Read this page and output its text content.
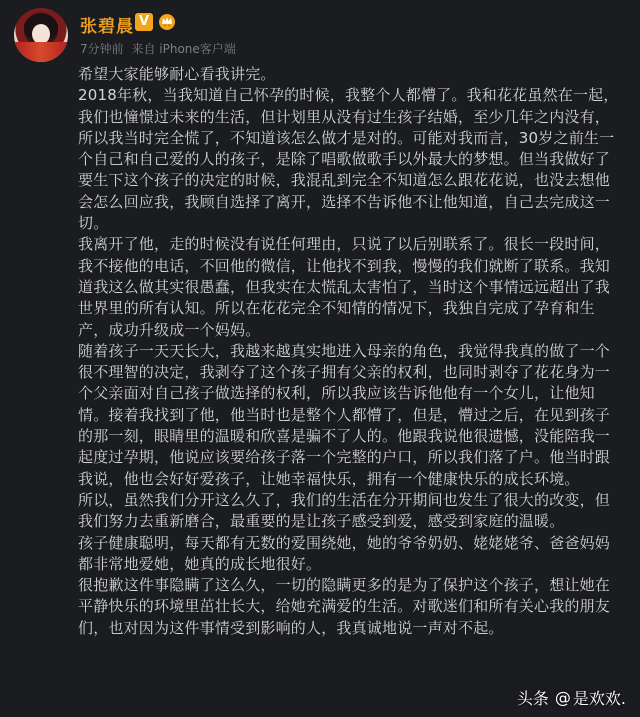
张碧晨 V
7分钟前 来自 iPhone客户端

希望大家能够耐心看我讲完。

2018年秋，当我知道自己怀孕的时候，我整个人都懵了。我和花花虽然在一起，我们也憧憬过未来的生活，但计划里从没有过生孩子结婚，至少几年之内没有，所以我当时完全慌了，不知道该怎么做才是对的。可能对我而言，30岁之前生一个自己和自己爱的人的孩子，是除了唱歌做歌手以外最大的梦想。但当我做好了要生下这个孩子的决定的时候，我混乱到完全不知道怎么跟花花说，也没去想他会怎么回应我，我顾自选择了离开，选择不告诉他不让他知道，自己去完成这一切。

我离开了他，走的时候没有说任何理由，只说了以后别联系了。很长一段时间，我不接他的电话，不回他的微信，让他找不到我，慢慢的我们就断了联系。我知道我这么做其实很愚蠢，但我实在太慌乱太害怕了，当时这个事情远远超出了我世界里的所有认知。所以在花花完全不知情的情况下，我独自完成了孕育和生产，成功升级成一个妈妈。

随着孩子一天天长大，我越来越真实地进入母亲的角色，我觉得我真的做了一个很不理智的决定，我剥夺了这个孩子拥有父亲的权利，也同时剥夺了花花身为一个父亲面对自己孩子做选择的权利，所以我应该告诉他他有一个女儿，让他知情。接着我找到了他，他当时也是整个人都懵了，但是，懵过之后，在见到孩子的那一刻，眼睛里的温暖和欣喜是骗不了人的。他跟我说他很遗憾，没能陪我一起度过孕期，他说应该要给孩子落一个完整的户口，所以我们落了户。他当时跟我说，他也会好好爱孩子，让她幸福快乐，拥有一个健康快乐的成长环境。

所以，虽然我们分开这么久了，我们的生活在分开期间也发生了很大的改变，但我们努力去重新磨合，最重要的是让孩子感受到爱，感受到家庭的温暖。

孩子健康聪明，每天都有无数的爱围绕她，她的爷爷奶奶、姥姥姥爷、爸爸妈妈都非常地爱她，她真的成长地很好。

很抱歉这件事隐瞒了这么久，一切的隐瞒更多的是为了保护这个孩子，想让她在平静快乐的环境里茁壮长大，给她充满爱的生活。对歌迷们和所有关心我的朋友们，也对因为这件事情受到影响的人，我真诚地说一声对不起。

头条 @ 是欢欢.
